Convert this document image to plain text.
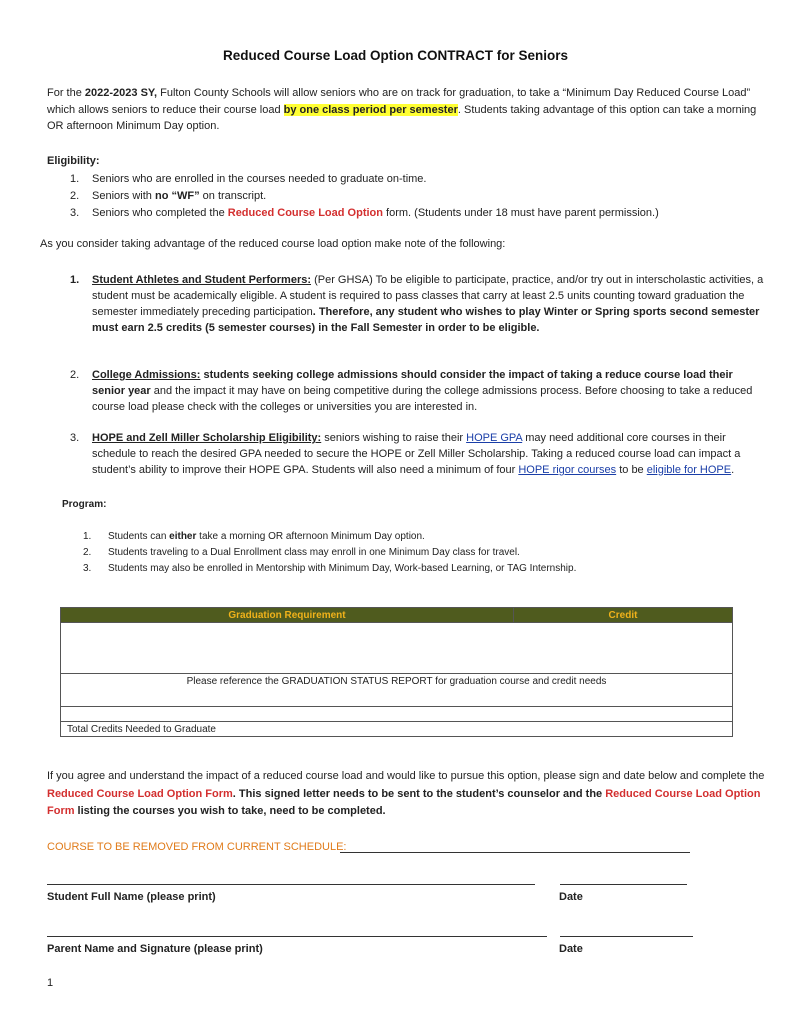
Reduced Course Load Option CONTRACT for Seniors
For the 2022-2023 SY, Fulton County Schools will allow seniors who are on track for graduation, to take a “Minimum Day Reduced Course Load” which allows seniors to reduce their course load by one class period per semester. Students taking advantage of this option can take a morning OR afternoon Minimum Day option.
Eligibility:
1. Seniors who are enrolled in the courses needed to graduate on-time.
2. Seniors with no “WF” on transcript.
3. Seniors who completed the Reduced Course Load Option form. (Students under 18 must have parent permission.)
As you consider taking advantage of the reduced course load option make note of the following:
1. Student Athletes and Student Performers: (Per GHSA) To be eligible to participate, practice, and/or try out in interscholastic activities, a student must be academically eligible. A student is required to pass classes that carry at least 2.5 units counting toward graduation the semester immediately preceding participation. Therefore, any student who wishes to play Winter or Spring sports second semester must earn 2.5 credits (5 semester courses) in the Fall Semester in order to be eligible.
2. College Admissions: students seeking college admissions should consider the impact of taking a reduce course load their senior year and the impact it may have on being competitive during the college admissions process. Before choosing to take a reduced course load please check with the colleges or universities you are interested in.
3. HOPE and Zell Miller Scholarship Eligibility: seniors wishing to raise their HOPE GPA may need additional core courses in their schedule to reach the desired GPA needed to secure the HOPE or Zell Miller Scholarship. Taking a reduced course load can impact a student’s ability to improve their HOPE GPA. Students will also need a minimum of four HOPE rigor courses to be eligible for HOPE.
Program:
1. Students can either take a morning OR afternoon Minimum Day option.
2. Students traveling to a Dual Enrollment class may enroll in one Minimum Day class for travel.
3. Students may also be enrolled in Mentorship with Minimum Day, Work-based Learning, or TAG Internship.
Graduation Requirement	Credit

Please reference the GRADUATION STATUS REPORT for graduation course and credit needs

Total Credits Needed to Graduate
If you agree and understand the impact of a reduced course load and would like to pursue this option, please sign and date below and complete the Reduced Course Load Option Form. This signed letter needs to be sent to the student’s counselor and the Reduced Course Load Option Form listing the courses you wish to take, need to be completed.
COURSE TO BE REMOVED FROM CURRENT SCHEDULE:
Student Full Name (please print)	Date
Parent Name and Signature (please print)	Date
1
